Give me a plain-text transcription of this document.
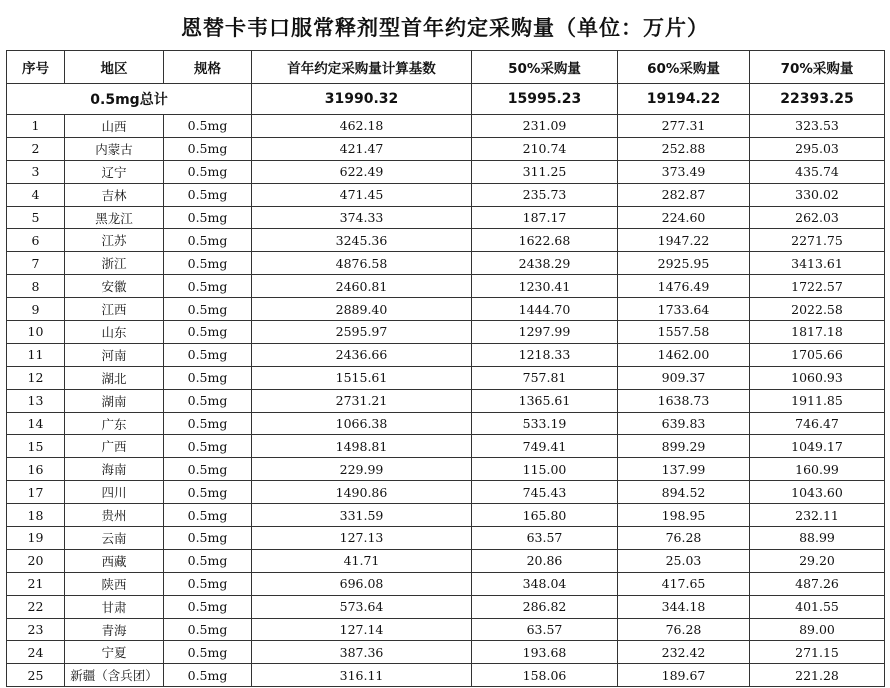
恩替卡韦口服常释剂型首年约定采购量（单位：万片）
序号	地区	规格	首年约定采购量计算基数	50%采购量	60%采购量	70%采购量
0.5mg总计			31990.32	15995.23	19194.22	22393.25
1	山西	0.5mg	462.18	231.09	277.31	323.53
2	内蒙古	0.5mg	421.47	210.74	252.88	295.03
3	辽宁	0.5mg	622.49	311.25	373.49	435.74
4	吉林	0.5mg	471.45	235.73	282.87	330.02
5	黑龙江	0.5mg	374.33	187.17	224.60	262.03
6	江苏	0.5mg	3245.36	1622.68	1947.22	2271.75
7	浙江	0.5mg	4876.58	2438.29	2925.95	3413.61
8	安徽	0.5mg	2460.81	1230.41	1476.49	1722.57
9	江西	0.5mg	2889.40	1444.70	1733.64	2022.58
10	山东	0.5mg	2595.97	1297.99	1557.58	1817.18
11	河南	0.5mg	2436.66	1218.33	1462.00	1705.66
12	湖北	0.5mg	1515.61	757.81	909.37	1060.93
13	湖南	0.5mg	2731.21	1365.61	1638.73	1911.85
14	广东	0.5mg	1066.38	533.19	639.83	746.47
15	广西	0.5mg	1498.81	749.41	899.29	1049.17
16	海南	0.5mg	229.99	115.00	137.99	160.99
17	四川	0.5mg	1490.86	745.43	894.52	1043.60
18	贵州	0.5mg	331.59	165.80	198.95	232.11
19	云南	0.5mg	127.13	63.57	76.28	88.99
20	西藏	0.5mg	41.71	20.86	25.03	29.20
21	陕西	0.5mg	696.08	348.04	417.65	487.26
22	甘肃	0.5mg	573.64	286.82	344.18	401.55
23	青海	0.5mg	127.14	63.57	76.28	89.00
24	宁夏	0.5mg	387.36	193.68	232.42	271.15
25	新疆（含兵团）	0.5mg	316.11	158.06	189.67	221.28
